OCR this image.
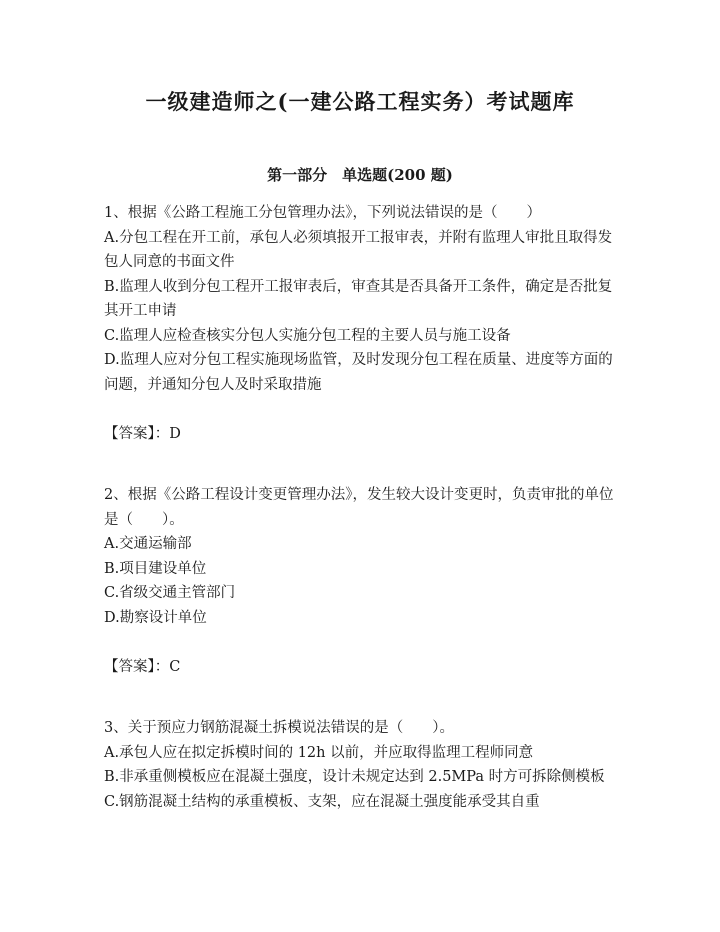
一级建造师之(一建公路工程实务）考试题库
第一部分　单选题(200 题)

1、根据《公路工程施工分包管理办法》，下列说法错误的是（　　）

A.分包工程在开工前，承包人必须填报开工报审表，并附有监理人审批且取得发包人同意的书面文件

B.监理人收到分包工程开工报审表后，审查其是否具备开工条件，确定是否批复其开工申请

C.监理人应检查核实分包人实施分包工程的主要人员与施工设备

D.监理人应对分包工程实施现场监管，及时发现分包工程在质量、进度等方面的问题，并通知分包人及时采取措施

【答案】：D

2、根据《公路工程设计变更管理办法》，发生较大设计变更时，负责审批的单位是（　　）。

A.交通运输部

B.项目建设单位

C.省级交通主管部门

D.勘察设计单位

【答案】：C

3、关于预应力钢筋混凝土拆模说法错误的是（　　）。

A.承包人应在拟定拆模时间的 12h 以前，并应取得监理工程师同意

B.非承重侧模板应在混凝土强度，设计未规定达到 2.5MPa 时方可拆除侧模板

C.钢筋混凝土结构的承重模板、支架，应在混凝土强度能承受其自重
